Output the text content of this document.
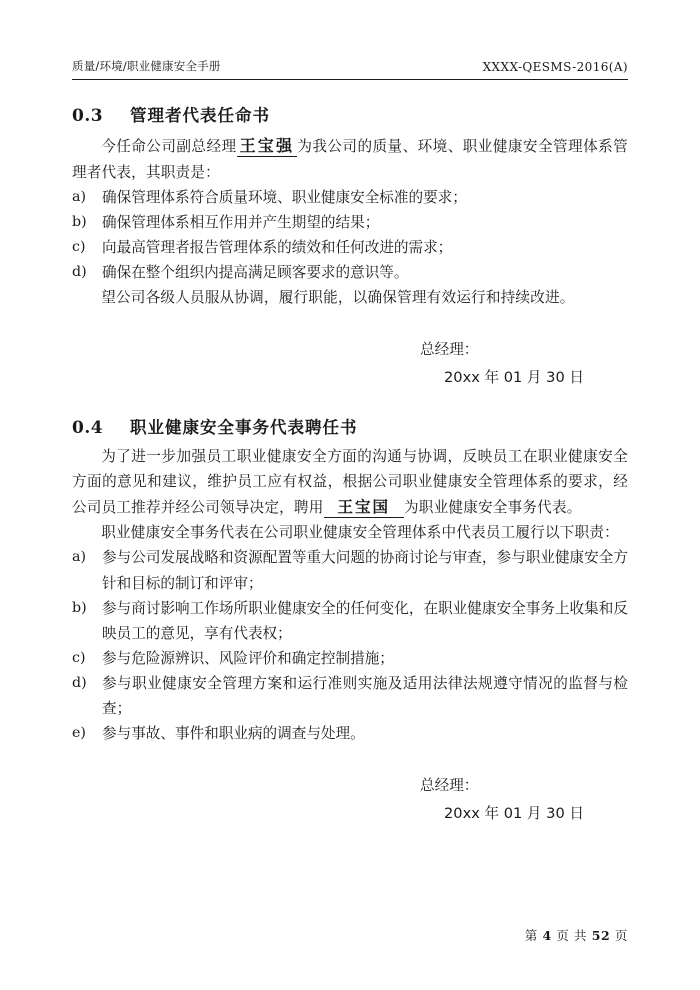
质量/环境/职业健康安全手册	XXXX-QESMS-2016(A)
0.3	管理者代表任命书

今任命公司副总经理 王宝强 为我公司的质量、环境、职业健康安全管理体系管理者代表，其职责是：

a)	确保管理体系符合质量环境、职业健康安全标准的要求；
b)	确保管理体系相互作用并产生期望的结果；
c)	向最高管理者报告管理体系的绩效和任何改进的需求；
d)	确保在整个组织内提高满足顾客要求的意识等。

望公司各级人员服从协调，履行职能，以确保管理有效运行和持续改进。

总经理：
20xx 年 01 月 30 日
0.4	职业健康安全事务代表聘任书

为了进一步加强员工职业健康安全方面的沟通与协调，反映员工在职业健康安全方面的意见和建议，维护员工应有权益，根据公司职业健康安全管理体系的要求，经公司员工推荐并经公司领导决定，聘用 王宝国 为职业健康安全事务代表。

职业健康安全事务代表在公司职业健康安全管理体系中代表员工履行以下职责：

a)	参与公司发展战略和资源配置等重大问题的协商讨论与审查，参与职业健康安全方针和目标的制订和评审；
b)	参与商讨影响工作场所职业健康安全的任何变化，在职业健康安全事务上收集和反映员工的意见，享有代表权；
c)	参与危险源辨识、风险评价和确定控制措施；
d)	参与职业健康安全管理方案和运行准则实施及适用法律法规遵守情况的监督与检查；
e)	参与事故、事件和职业病的调查与处理。
总经理：
20xx 年 01 月 30 日
第 4 页 共 52 页
